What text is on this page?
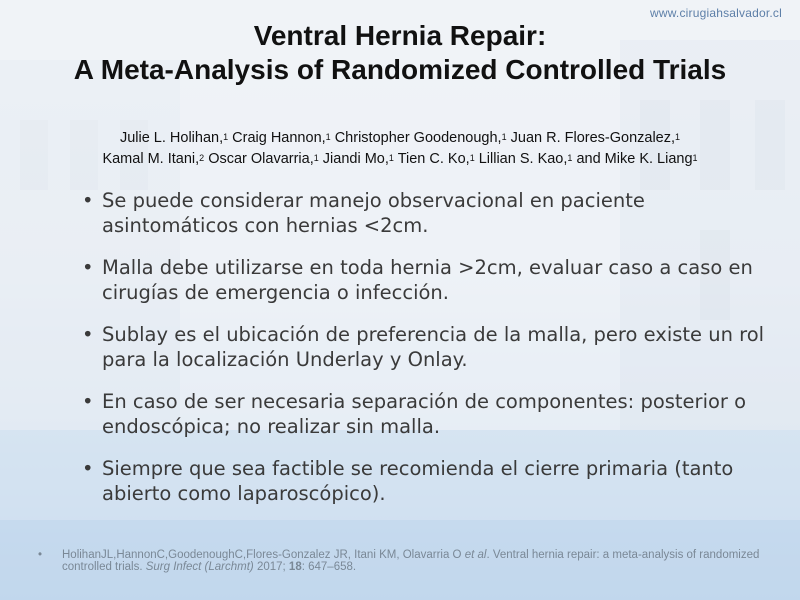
www.cirugiahsalvador.cl
Ventral Hernia Repair:
A Meta-Analysis of Randomized Controlled Trials
Julie L. Holihan,$^1$ Craig Hannon,$^1$ Christopher Goodenough,$^1$ Juan R. Flores-Gonzalez,$^1$
Kamal M. Itani,$^2$ Oscar Olavarria,$^1$ Jiandi Mo,$^1$ Tien C. Ko,$^1$ Lillian S. Kao,$^1$ and Mike K. Liang$^1$
• Se puede considerar manejo observacional en paciente asintomáticos con hernias <2cm.
• Malla debe utilizarse en toda hernia >2cm, evaluar caso a caso en cirugías de emergencia o infección.
• Sublay es el ubicación de preferencia de la malla, pero existe un rol para la localización Underlay y Onlay.
• En caso de ser necesaria separación de componentes: posterior o endoscópica; no realizar sin malla.
• Siempre que sea factible se recomienda el cierre primaria (tanto abierto como laparoscópico).
• HolihanJL,HannonC,GoodenoughC,Flores-Gonzalez JR, Itani KM, Olavarria O et al. Ventral hernia repair: a meta-analysis of randomized controlled trials. Surg Infect (Larchmt) 2017; 18: 647–658.
